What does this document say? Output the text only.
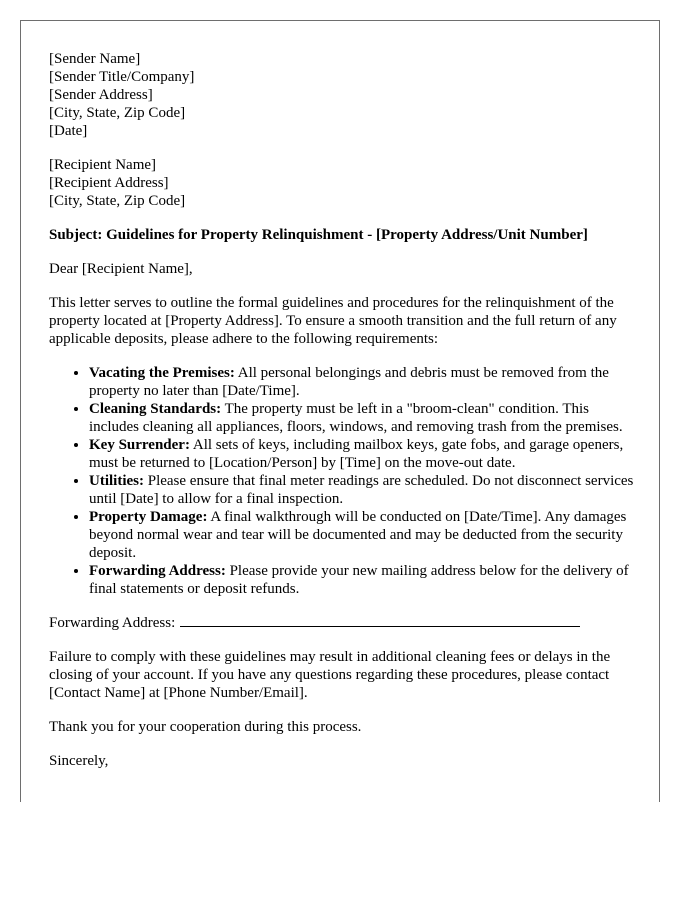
[Sender Name]
[Sender Title/Company]
[Sender Address]
[City, State, Zip Code]
[Date]
[Recipient Name]
[Recipient Address]
[City, State, Zip Code]
Subject: Guidelines for Property Relinquishment - [Property Address/Unit Number]

Dear [Recipient Name],

This letter serves to outline the formal guidelines and procedures for the relinquishment of the property located at [Property Address]. To ensure a smooth transition and the full return of any applicable deposits, please adhere to the following requirements:

• Vacating the Premises: All personal belongings and debris must be removed from the property no later than [Date/Time].
• Cleaning Standards: The property must be left in a "broom-clean" condition. This includes cleaning all appliances, floors, windows, and removing trash from the premises.
• Key Surrender: All sets of keys, including mailbox keys, gate fobs, and garage openers, must be returned to [Location/Person] by [Time] on the move-out date.
• Utilities: Please ensure that final meter readings are scheduled. Do not disconnect services until [Date] to allow for a final inspection.
• Property Damage: A final walkthrough will be conducted on [Date/Time]. Any damages beyond normal wear and tear will be documented and may be deducted from the security deposit.
• Forwarding Address: Please provide your new mailing address below for the delivery of final statements or deposit refunds.
Forwarding Address:

Failure to comply with these guidelines may result in additional cleaning fees or delays in the closing of your account. If you have any questions regarding these procedures, please contact [Contact Name] at [Phone Number/Email].

Thank you for your cooperation during this process.

Sincerely,
